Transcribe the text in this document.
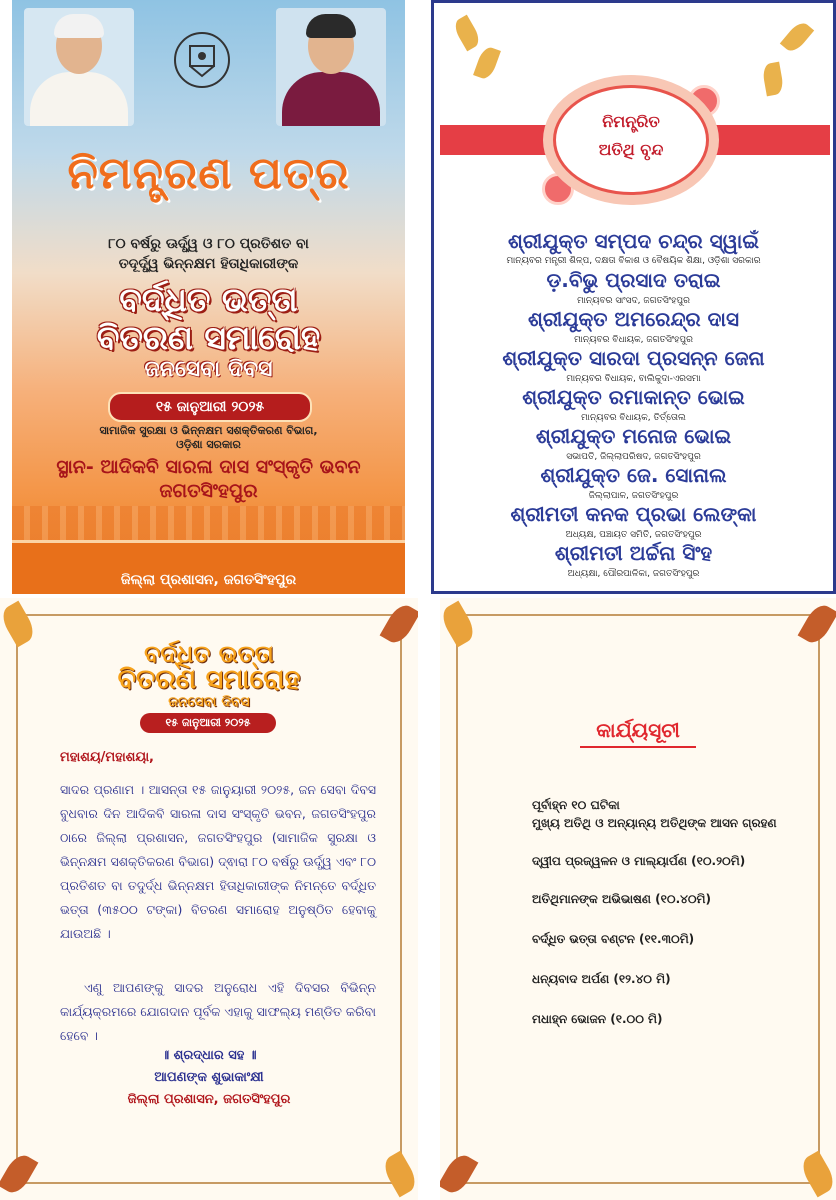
ନିମନ୍ତ୍ରଣ ପତ୍ର
୮୦ ବର୍ଷରୁ ଊର୍ଦ୍ଧ୍ୱ ଓ ୮୦ ପ୍ରତିଶତ ବା
ତଦୂର୍ଦ୍ଧ୍ୱ ଭିନ୍ନକ୍ଷମ ହିତାଧିକାରୀଙ୍କ
ବର୍ଦ୍ଧିତ ଭତ୍ତା
ବିତରଣ ସମାରୋହ
ଜନସେବା ଦିବସ
୧୫ ଜାନୁଆରୀ ୨୦୨୫
ସାମାଜିକ ସୁରକ୍ଷା ଓ ଭିନ୍ନକ୍ଷମ ସଶକ୍ତିକରଣ ବିଭାଗ,
ଓଡ଼ିଶା ସରକାର
ସ୍ଥାନ- ଆଦିକବି ସାରଳା ଦାସ ସଂସ୍କୃତି ଭବନ
ଜଗତସିଂହପୁର
ଜିଲ୍ଲା ପ୍ରଶାସନ, ଜଗତସିଂହପୁର
ନିମନ୍ତ୍ରିତ
ଅତିଥି ବୃନ୍ଦ
ଶ୍ରୀଯୁକ୍ତ ସମ୍ପଦ ଚନ୍ଦ୍ର ସ୍ୱାଇଁ
ମାନ୍ୟବର ମନ୍ତ୍ରୀ ଶିଳ୍ପ, ଦକ୍ଷତା ବିକାଶ ଓ ବୈଷୟିକ ଶିକ୍ଷା, ଓଡ଼ିଶା ସରକାର
ଡ଼.ବିଭୁ ପ୍ରସାଦ ତରାଇ
ମାନ୍ୟବର ସାଂସଦ, ଜଗତସିଂହପୁର
ଶ୍ରୀଯୁକ୍ତ ଅମରେନ୍ଦ୍ର ଦାସ
ମାନ୍ୟବର ବିଧାୟକ, ଜଗତସିଂହପୁର
ଶ୍ରୀଯୁକ୍ତ ସାରଦା ପ୍ରସନ୍ନ ଜେନା
ମାନ୍ୟବର ବିଧାୟକ, ବାଲିକୁଦା-ଏରସମା
ଶ୍ରୀଯୁକ୍ତ ରମାକାନ୍ତ ଭୋଇ
ମାନ୍ୟବର ବିଧାୟକ, ତିର୍ତ୍ତୋଲ
ଶ୍ରୀଯୁକ୍ତ ମନୋଜ ଭୋଇ
ସଭାପତି, ଜିଲ୍ଲାପରିଷଦ, ଜଗତସିଂହପୁର
ଶ୍ରୀଯୁକ୍ତ ଜେ. ସୋନାଲ
ଜିଲ୍ଲାପାଳ, ଜଗତସିଂହପୁର
ଶ୍ରୀମତୀ କନକ ପ୍ରଭା ଲେଙ୍କା
ଅଧ୍ୟକ୍ଷ, ପଞ୍ଚାୟତ ସମିତି, ଜଗତସିଂହପୁର
ଶ୍ରୀମତୀ ଅର୍ଚ୍ଚନା ସିଂହ
ଅଧ୍ୟକ୍ଷା, ପୌରପାଳିକା, ଜଗତସିଂହପୁର
ବର୍ଦ୍ଧିତ ଭତ୍ତା
ବିତରଣ ସମାରୋହ
ଜନସେବା ଦିବସ
୧୫ ଜାନୁଆରୀ ୨୦୨୫
ମହାଶୟ/ମହାଶୟା,
ସାଦର ପ୍ରଣାମ । ଆସନ୍ତା ୧୫ ଜାନୁୟାରୀ ୨୦୨୫, ଜନ ସେବା ଦିବସ ବୁଧବାର ଦିନ ଆଦିକବି ସାରଳା ଦାସ ସଂସ୍କୃତି ଭବନ, ଜଗତସିଂହପୁର ଠାରେ ଜିଲ୍ଲା ପ୍ରଶାସନ, ଜଗତସିଂହପୁର (ସାମାଜିକ ସୁରକ୍ଷା ଓ ଭିନ୍ନକ୍ଷମ ସଶକ୍ତିକରଣ ବିଭାଗ) ଦ୍ଵାରା ୮୦ ବର୍ଷରୁ ଊର୍ଦ୍ଧ୍ୱ ଏବଂ ୮୦ ପ୍ରତିଶତ ବା ତଦୁର୍ଦ୍ଧ ଭିନ୍ନକ୍ଷମ ହିତାଧିକାରୀଙ୍କ ନିମନ୍ତେ ବର୍ଦ୍ଧିତ ଭତ୍ତା (୩୫୦୦ ଟଙ୍କା) ବିତରଣ ସମାରୋହ ଅନୁଷ୍ଠିତ ହେବାକୁ ଯାଉଅଛି ।
ଏଣୁ ଆପଣଙ୍କୁ ସାଦର ଅନୁରୋଧ ଏହି ଦିବସର ବିଭିନ୍ନ କାର୍ଯ୍ୟକ୍ରମରେ ଯୋଗଦାନ ପୂର୍ବକ ଏହାକୁ ସାଫଲ୍ୟ ମଣ୍ଡିତ କରିବା ହେବେ ।
॥ ଶ୍ରଦ୍ଧାର ସହ ॥
ଆପଣଙ୍କ ଶୁଭାକାଂକ୍ଷୀ
ଜିଲ୍ଲା ପ୍ରଶାସନ, ଜଗତସିଂହପୁର
କାର୍ଯ୍ୟସୂଚୀ
ପୂର୍ବାହ୍ନ ୧୦ ଘଟିକା
ମୁଖ୍ୟ ଅତିଥି ଓ ଅନ୍ୟାନ୍ୟ ଅତିଥିଙ୍କ ଆସନ ଗ୍ରହଣ
ଦ୍ୱୀପ ପ୍ରଜ୍ୱଳନ ଓ ମାଲ୍ୟାର୍ପଣ (୧୦.୨୦ମି)
ଅତିଥିମାନଙ୍କ ଅଭିଭାଷଣ (୧୦.୪୦ମି)
ବର୍ଦ୍ଧିତ ଭତ୍ତା ବଣ୍ଟନ (୧୧.୩୦ମି)
ଧନ୍ୟବାଦ ଅର୍ପଣ (୧୨.୪୦ ମି)
ମଧାହ୍ନ ଭୋଜନ (୧.୦୦ ମି)
